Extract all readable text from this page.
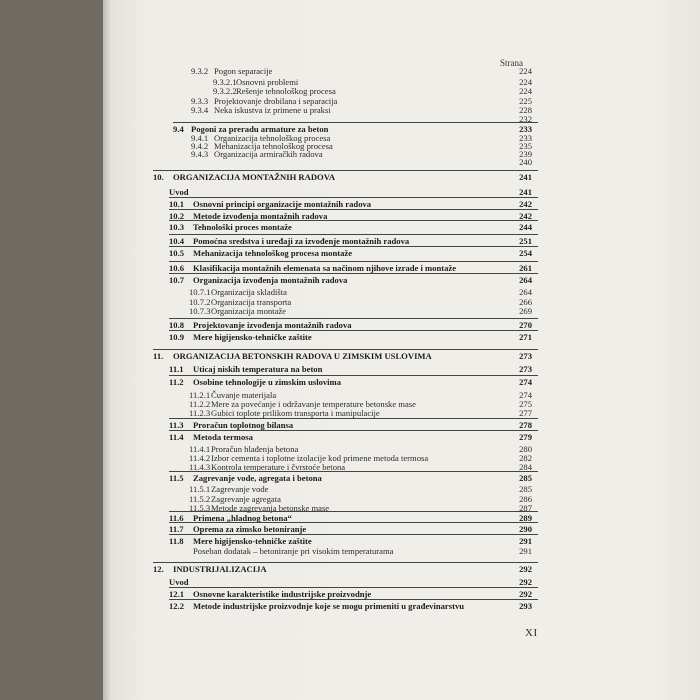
Strana
9.3.2 Pogon separacije	224
9.3.2.1 Osnovni problemi	224
9.3.2.2 Rešenje tehnološkog procesa	224
9.3.3 Projektovanje drobilana i separacija	225
9.3.4 Neka iskustva iz primene u praksi	228
232
9.4 Pogoni za preradu armature za beton	233
9.4.1 Organizacija tehnološkog procesa	233
9.4.2 Mehanizacija tehnološkog procesa	235
9.4.3 Organizacija armiračkih radova	239
240
10. ORGANIZACIJA MONTAŽNIH RADOVA	241
Uvod	241
10.1 Osnovni principi organizacije montažnih radova	242
10.2 Metode izvođenja montažnih radova	242
10.3 Tehnološki proces montaže	244
10.4 Pomoćna sredstva i uređaji za izvođenje montažnih radova	251
10.5 Mehanizacija tehnološkog procesa montaže	254
10.6 Klasifikacija montažnih elemenata sa načinom njihove izrade i montaže	261
10.7 Organizacija izvođenja montažnih radova	264
10.7.1 Organizacija skladišta	264
10.7.2 Organizacija transporta	266
10.7.3 Organizacija montaže	269
10.8 Projektovanje izvođenja montažnih radova	270
10.9 Mere higijensko-tehničke zaštite	271
11. ORGANIZACIJA BETONSKIH RADOVA U ZIMSKIM USLOVIMA	273
11.1 Uticaj niskih temperatura na beton	273
11.2 Osobine tehnologije u zimskim uslovima	274
11.2.1 Čuvanje materijala	274
11.2.2 Mere za povećanje i održavanje temperature betonske mase	275
11.2.3 Gubici toplote prilikom transporta i manipulacije	277
11.3 Proračun toplotnog bilansa	278
11.4 Metoda termosa	279
11.4.1 Proračun hlađenja betona	280
11.4.2 Izbor cementa i toplotne izolacije kod primene metoda termosa	282
11.4.3 Kontrola temperature i čvrstoće betona	284
11.5 Zagrevanje vode, agregata i betona	285
11.5.1 Zagrevanje vode	285
11.5.2 Zagrevanje agregata	286
11.5.3 Metode zagrevanja betonske mase	287
11.6 Primena „hladnog betona“	289
11.7 Oprema za zimsko betoniranje	290
11.8 Mere higijensko-tehničke zaštite	291
Poseban dodatak – betoniranje pri visokim temperaturama	291
12. INDUSTRIJALIZACIJA	292
Uvod	292
12.1 Osnovne karakteristike industrijske proizvodnje	292
12.2 Metode industrijske proizvodnje koje se mogu primeniti u građevinarstvu	293
XI
